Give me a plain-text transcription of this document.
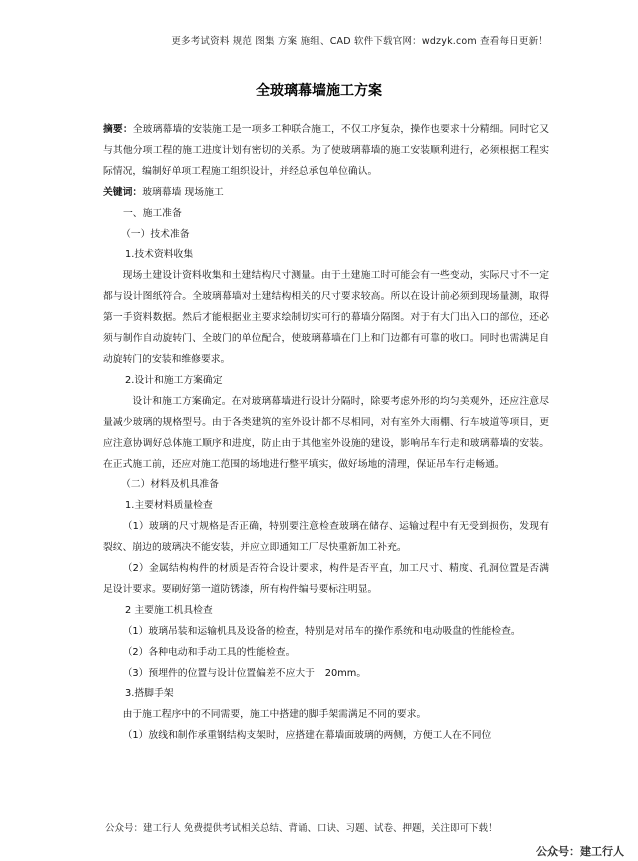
更多考试资料 规范 图集 方案 施组、CAD 软件下载官网：wdzyk.com 查看每日更新！
全玻璃幕墙施工方案

摘要：全玻璃幕墙的安装施工是一项多工种联合施工，不仅工序复杂，操作也要求十分精细。同时它又与其他分项工程的施工进度计划有密切的关系。为了使玻璃幕墙的施工安装顺利进行，必须根据工程实际情况，编制好单项工程施工组织设计，并经总承包单位确认。

关键词：玻璃幕墙 现场施工

一、施工准备

（一）技术准备

1.技术资料收集

现场土建设计资料收集和土建结构尺寸测量。由于土建施工时可能会有一些变动，实际尺寸不一定都与设计图纸符合。全玻璃幕墙对土建结构相关的尺寸要求较高。所以在设计前必须到现场量测，取得第一手资料数据。然后才能根据业主要求绘制切实可行的幕墙分隔图。对于有大门出入口的部位，还必须与制作自动旋转门、全玻门的单位配合，使玻璃幕墙在门上和门边都有可靠的收口。同时也需满足自动旋转门的安装和维修要求。

2.设计和施工方案确定

设计和施工方案确定。在对玻璃幕墙进行设计分隔时，除要考虑外形的均匀美观外，还应注意尽量减少玻璃的规格型号。由于各类建筑的室外设计都不尽相同，对有室外大雨棚、行车坡道等项目，更应注意协调好总体施工顺序和进度，防止由于其他室外设施的建设，影响吊车行走和玻璃幕墙的安装。在正式施工前，还应对施工范围的场地进行整平填实，做好场地的清理，保证吊车行走畅通。

（二）材料及机具准备

1.主要材料质量检查

（1）玻璃的尺寸规格是否正确，特别要注意检查玻璃在储存、运输过程中有无受到损伤，发现有裂纹、崩边的玻璃决不能安装，并应立即通知工厂尽快重新加工补充。

（2）金属结构构件的材质是否符合设计要求，构件是否平直，加工尺寸、精度、孔洞位置是否满足设计要求。要刷好第一道防锈漆，所有构件编号要标注明显。

2 主要施工机具检查

（1）玻璃吊装和运输机具及设备的检查，特别是对吊车的操作系统和电动吸盘的性能检查。

（2）各种电动和手动工具的性能检查。

（3）预埋件的位置与设计位置偏差不应大于　20mm。

3.搭脚手架

由于施工程序中的不同需要，施工中搭建的脚手架需满足不同的要求。

（1）放线和制作承重钢结构支架时，应搭建在幕墙面玻璃的两侧，方便工人在不同位

公众号：建工行人 免费提供考试相关总结、背诵、口诀、习题、试卷、押题，关注即可下载！
公众号：建工行人
